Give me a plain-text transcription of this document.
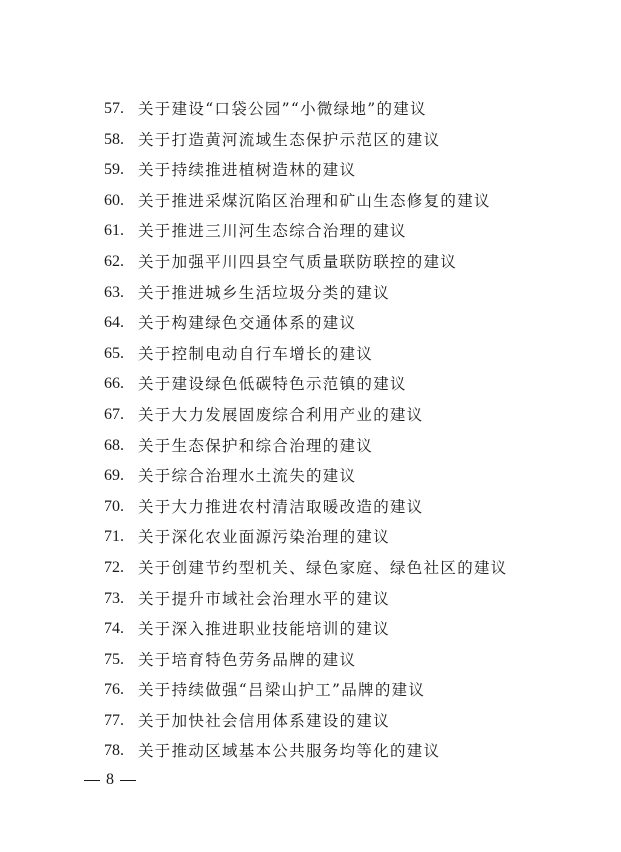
57. 关于建设“口袋公园”“小微绿地”的建议
58. 关于打造黄河流域生态保护示范区的建议
59. 关于持续推进植树造林的建议
60. 关于推进采煤沉陷区治理和矿山生态修复的建议
61. 关于推进三川河生态综合治理的建议
62. 关于加强平川四县空气质量联防联控的建议
63. 关于推进城乡生活垃圾分类的建议
64. 关于构建绿色交通体系的建议
65. 关于控制电动自行车增长的建议
66. 关于建设绿色低碳特色示范镇的建议
67. 关于大力发展固废综合利用产业的建议
68. 关于生态保护和综合治理的建议
69. 关于综合治理水土流失的建议
70. 关于大力推进农村清洁取暖改造的建议
71. 关于深化农业面源污染治理的建议
72. 关于创建节约型机关、绿色家庭、绿色社区的建议
73. 关于提升市域社会治理水平的建议
74. 关于深入推进职业技能培训的建议
75. 关于培育特色劳务品牌的建议
76. 关于持续做强“吕梁山护工”品牌的建议
77. 关于加快社会信用体系建设的建议
78. 关于推动区域基本公共服务均等化的建议
8
